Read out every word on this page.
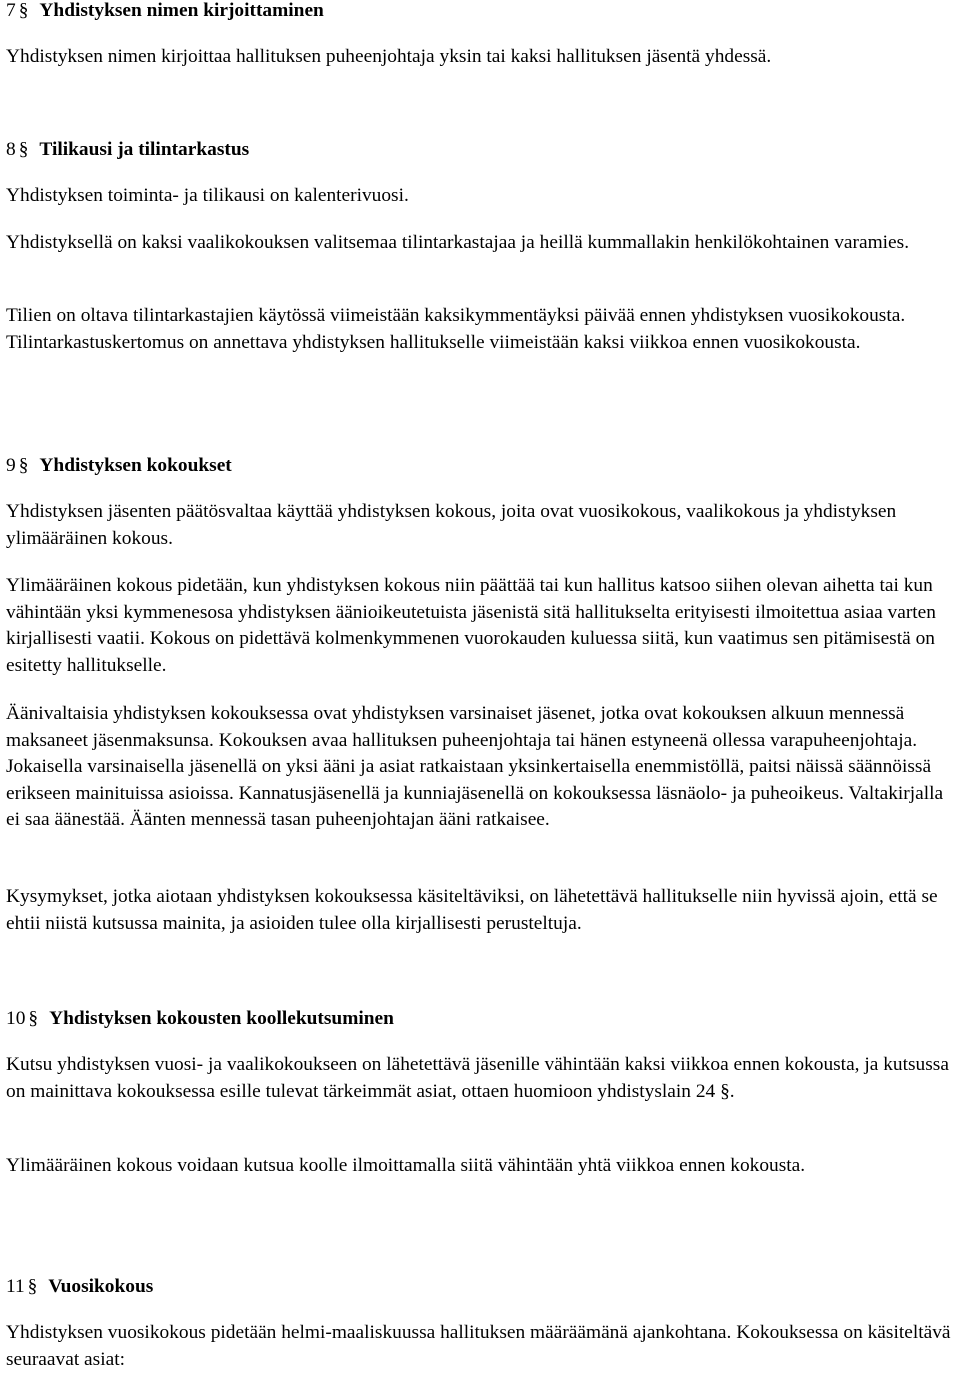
7 § Yhdistyksen nimen kirjoittaminen

Yhdistyksen nimen kirjoittaa hallituksen puheenjohtaja yksin tai kaksi hallituksen jäsentä yhdessä.

8 § Tilikausi ja tilintarkastus

Yhdistyksen toiminta- ja tilikausi on kalenterivuosi.

Yhdistyksellä on kaksi vaalikokouksen valitsemaa tilintarkastajaa ja heillä kummallakin henkilökohtainen varamies.

Tilien on oltava tilintarkastajien käytössä viimeistään kaksikymmentäyksi päivää ennen yhdistyksen vuosikokousta. Tilintarkastuskertomus on annettava yhdistyksen hallitukselle viimeistään kaksi viikkoa ennen vuosikokousta.

9 § Yhdistyksen kokoukset

Yhdistyksen jäsenten päätösvaltaa käyttää yhdistyksen kokous, joita ovat vuosikokous, vaalikokous ja yhdistyksen ylimääräinen kokous.

Ylimääräinen kokous pidetään, kun yhdistyksen kokous niin päättää tai kun hallitus katsoo siihen olevan aihetta tai kun vähintään yksi kymmenesosa yhdistyksen äänioikeutetuista jäsenistä sitä hallitukselta erityisesti ilmoitettua asiaa varten kirjallisesti vaatii. Kokous on pidettävä kolmenkymmenen vuorokauden kuluessa siitä, kun vaatimus sen pitämisestä on esitetty hallitukselle.

Äänivaltaisia yhdistyksen kokouksessa ovat yhdistyksen varsinaiset jäsenet, jotka ovat kokouksen alkuun mennessä maksaneet jäsenmaksunsa. Kokouksen avaa hallituksen puheenjohtaja tai hänen estyneenä ollessa varapuheenjohtaja. Jokaisella varsinaisella jäsenellä on yksi ääni ja asiat ratkaistaan yksinkertaisella enemmistöllä, paitsi näissä säännöissä erikseen mainituissa asioissa. Kannatusjäsenellä ja kunniajäsenellä on kokouksessa läsnäolo- ja puheoikeus. Valtakirjalla ei saa äänestää. Äänten mennessä tasan puheenjohtajan ääni ratkaisee.

Kysymykset, jotka aiotaan yhdistyksen kokouksessa käsiteltäviksi, on lähetettävä hallitukselle niin hyvissä ajoin, että se ehtii niistä kutsussa mainita, ja asioiden tulee olla kirjallisesti perusteltuja.

10 § Yhdistyksen kokousten koollekutsuminen

Kutsu yhdistyksen vuosi- ja vaalikokoukseen on lähetettävä jäsenille vähintään kaksi viikkoa ennen kokousta, ja kutsussa on mainittava kokouksessa esille tulevat tärkeimmät asiat, ottaen huomioon yhdistyslain 24 §.

Ylimääräinen kokous voidaan kutsua koolle ilmoittamalla siitä vähintään yhtä viikkoa ennen kokousta.

11 § Vuosikokous

Yhdistyksen vuosikokous pidetään helmi-maaliskuussa hallituksen määräämänä ajankohtana. Kokouksessa on käsiteltävä seuraavat asiat:
